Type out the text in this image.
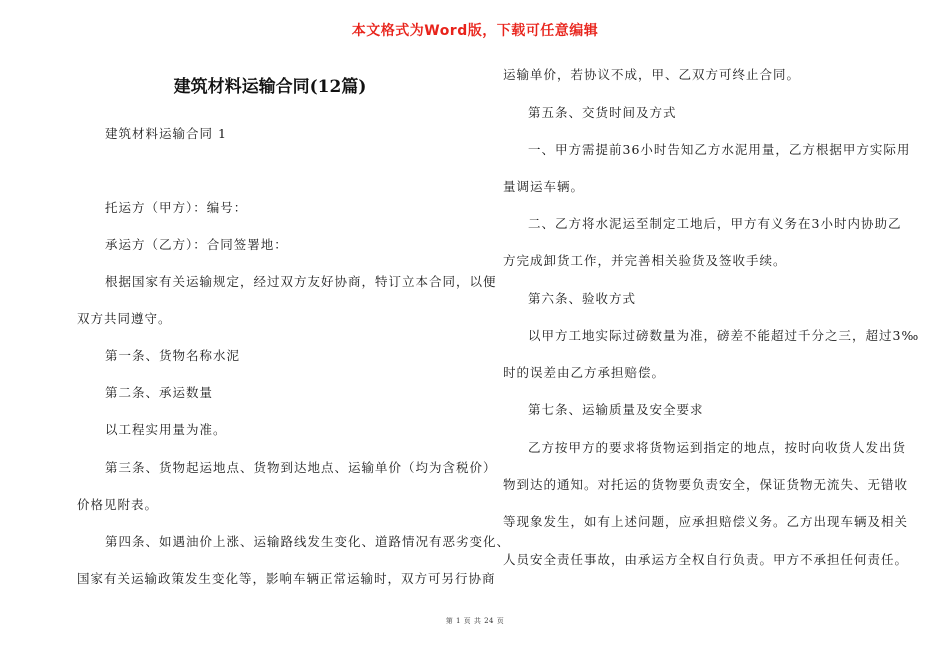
本文格式为Word版，下载可任意编辑
建筑材料运输合同(12篇)
建筑材料运输合同 1
托运方（甲方）：编号：
承运方（乙方）：合同签署地：
根据国家有关运输规定，经过双方友好协商，特订立本合同，以便
双方共同遵守。
第一条、货物名称水泥
第二条、承运数量
以工程实用量为准。
第三条、货物起运地点、货物到达地点、运输单价（均为含税价）
价格见附表。
第四条、如遇油价上涨、运输路线发生变化、道路情况有恶劣变化、
国家有关运输政策发生变化等，影响车辆正常运输时，双方可另行协商
运输单价，若协议不成，甲、乙双方可终止合同。
第五条、交货时间及方式
一、甲方需提前36小时告知乙方水泥用量，乙方根据甲方实际用
量调运车辆。
二、乙方将水泥运至制定工地后，甲方有义务在3小时内协助乙
方完成卸货工作，并完善相关验货及签收手续。
第六条、验收方式
以甲方工地实际过磅数量为准，磅差不能超过千分之三，超过3‰
时的误差由乙方承担赔偿。
第七条、运输质量及安全要求
乙方按甲方的要求将货物运到指定的地点，按时向收货人发出货
物到达的通知。对托运的货物要负责安全，保证货物无流失、无错收
等现象发生，如有上述问题，应承担赔偿义务。乙方出现车辆及相关
人员安全责任事故，由承运方全权自行负责。甲方不承担任何责任。
第 1 页 共 24 页
